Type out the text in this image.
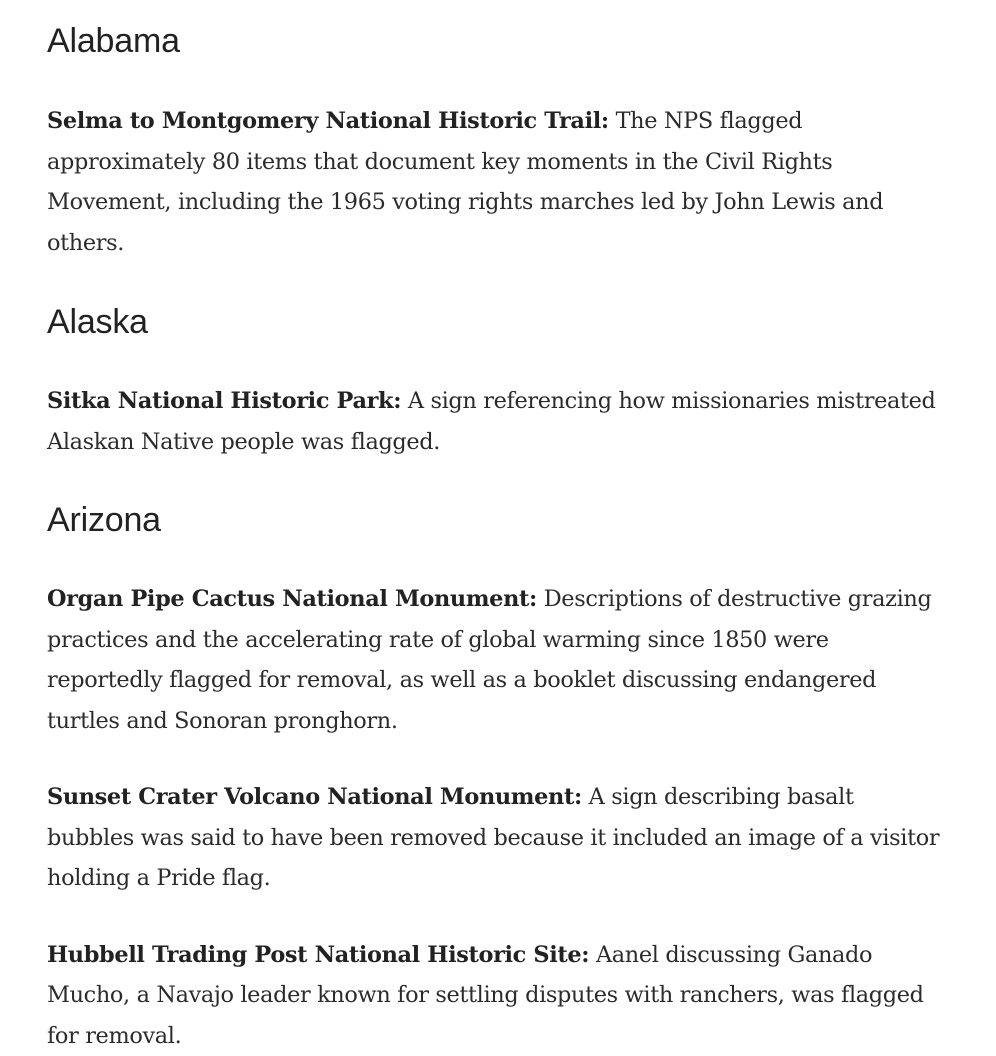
Alabama

Selma to Montgomery National Historic Trail: The NPS flagged approximately 80 items that document key moments in the Civil Rights Movement, including the 1965 voting rights marches led by John Lewis and others.

Alaska

Sitka National Historic Park: A sign referencing how missionaries mistreated Alaskan Native people was flagged.

Arizona

Organ Pipe Cactus National Monument: Descriptions of destructive grazing practices and the accelerating rate of global warming since 1850 were reportedly flagged for removal, as well as a booklet discussing endangered turtles and Sonoran pronghorn.

Sunset Crater Volcano National Monument: A sign describing basalt bubbles was said to have been removed because it included an image of a visitor holding a Pride flag.

Hubbell Trading Post National Historic Site: Aanel discussing Ganado Mucho, a Navajo leader known for settling disputes with ranchers, was flagged for removal.
